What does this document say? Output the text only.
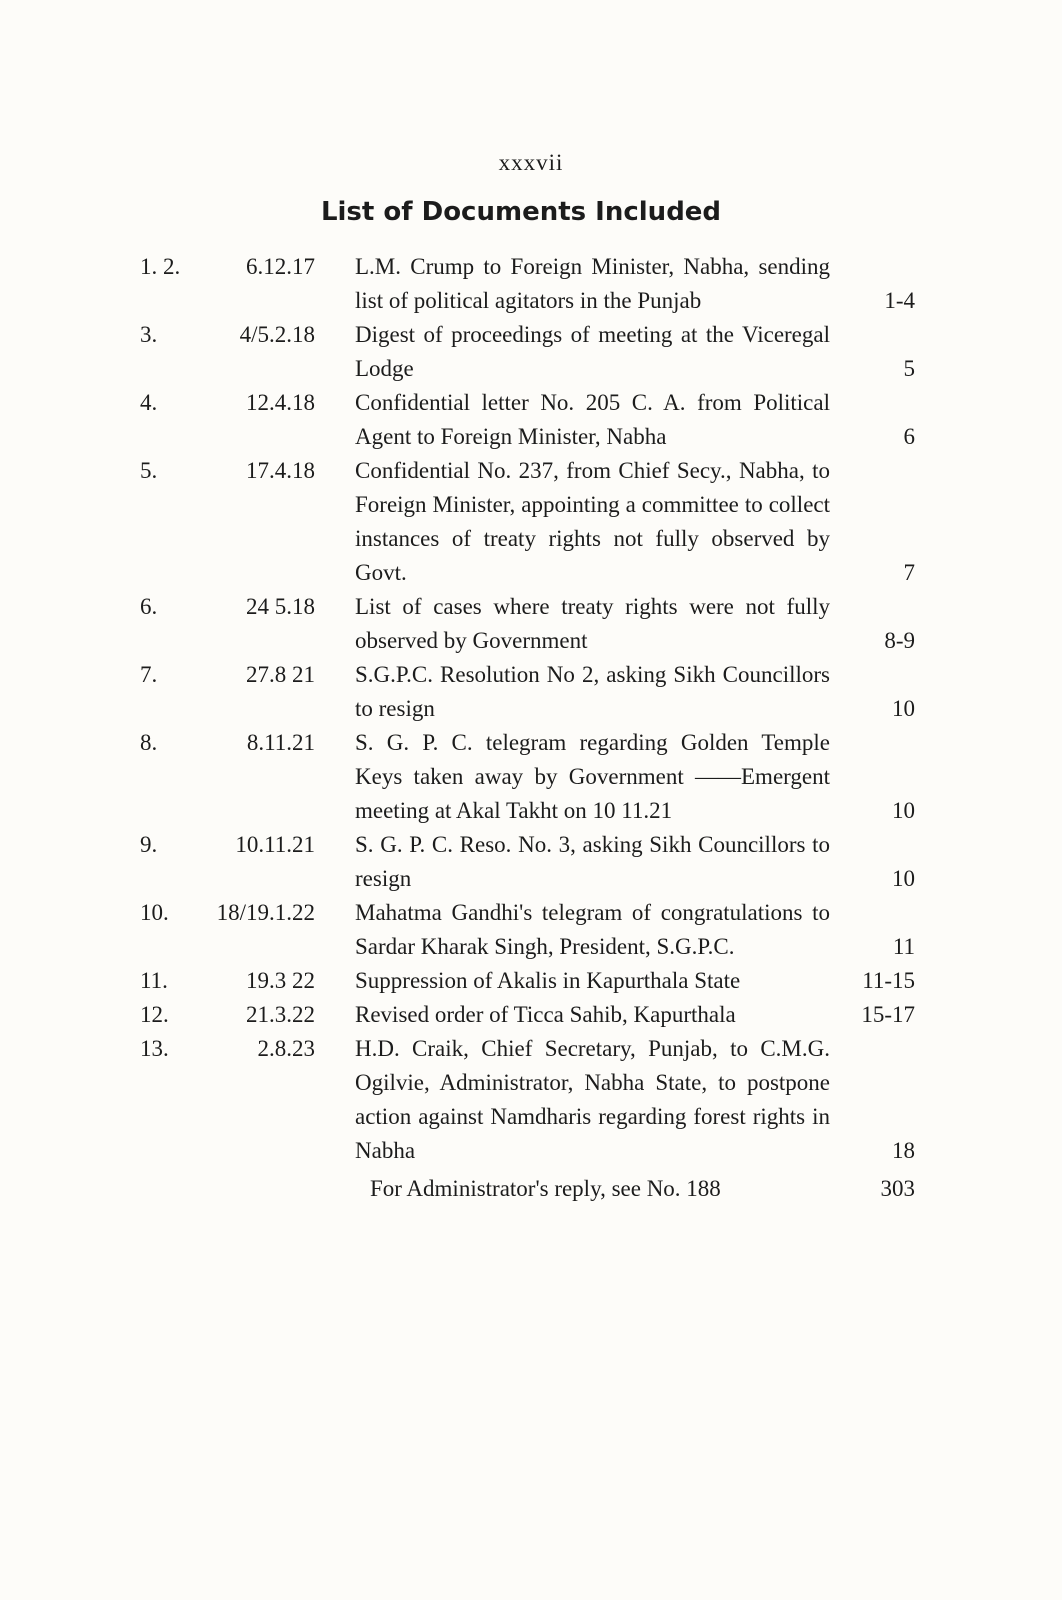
xxxvii
List of Documents Included
1. 2.	6.12.17	L.M. Crump to Foreign Minister, Nabha, sending list of political agitators in the Punjab	1-4
3.	4/5.2.18	Digest of proceedings of meeting at the Viceregal Lodge	5
4.	12.4.18	Confidential letter No. 205 C. A. from Political Agent to Foreign Minister, Nabha	6
5.	17.4.18	Confidential No. 237, from Chief Secy., Nabha, to Foreign Minister, appointing a committee to collect instances of treaty rights not fully observed by Govt.	7
6.	24 5.18	List of cases where treaty rights were not fully observed by Government	8-9
7.	27.8 21	S.G.P.C. Resolution No 2, asking Sikh Councillors to resign	10
8.	8.11.21	S. G. P. C. telegram regarding Golden Temple Keys taken away by Government ——Emergent meeting at Akal Takht on 10 11.21	10
9.	10.11.21	S. G. P. C. Reso. No. 3, asking Sikh Councillors to resign	10
10.	18/19.1.22	Mahatma Gandhi's telegram of congratulations to Sardar Kharak Singh, President, S.G.P.C.	11
11.	19.3 22	Suppression of Akalis in Kapurthala State	11-15
12.	21.3.22	Revised order of Ticca Sahib, Kapurthala	15-17
13.	2.8.23	H.D. Craik, Chief Secretary, Punjab, to C.M.G. Ogilvie, Administrator, Nabha State, to postpone action against Namdharis regarding forest rights in Nabha	18
For Administrator's reply, see No. 188	303
